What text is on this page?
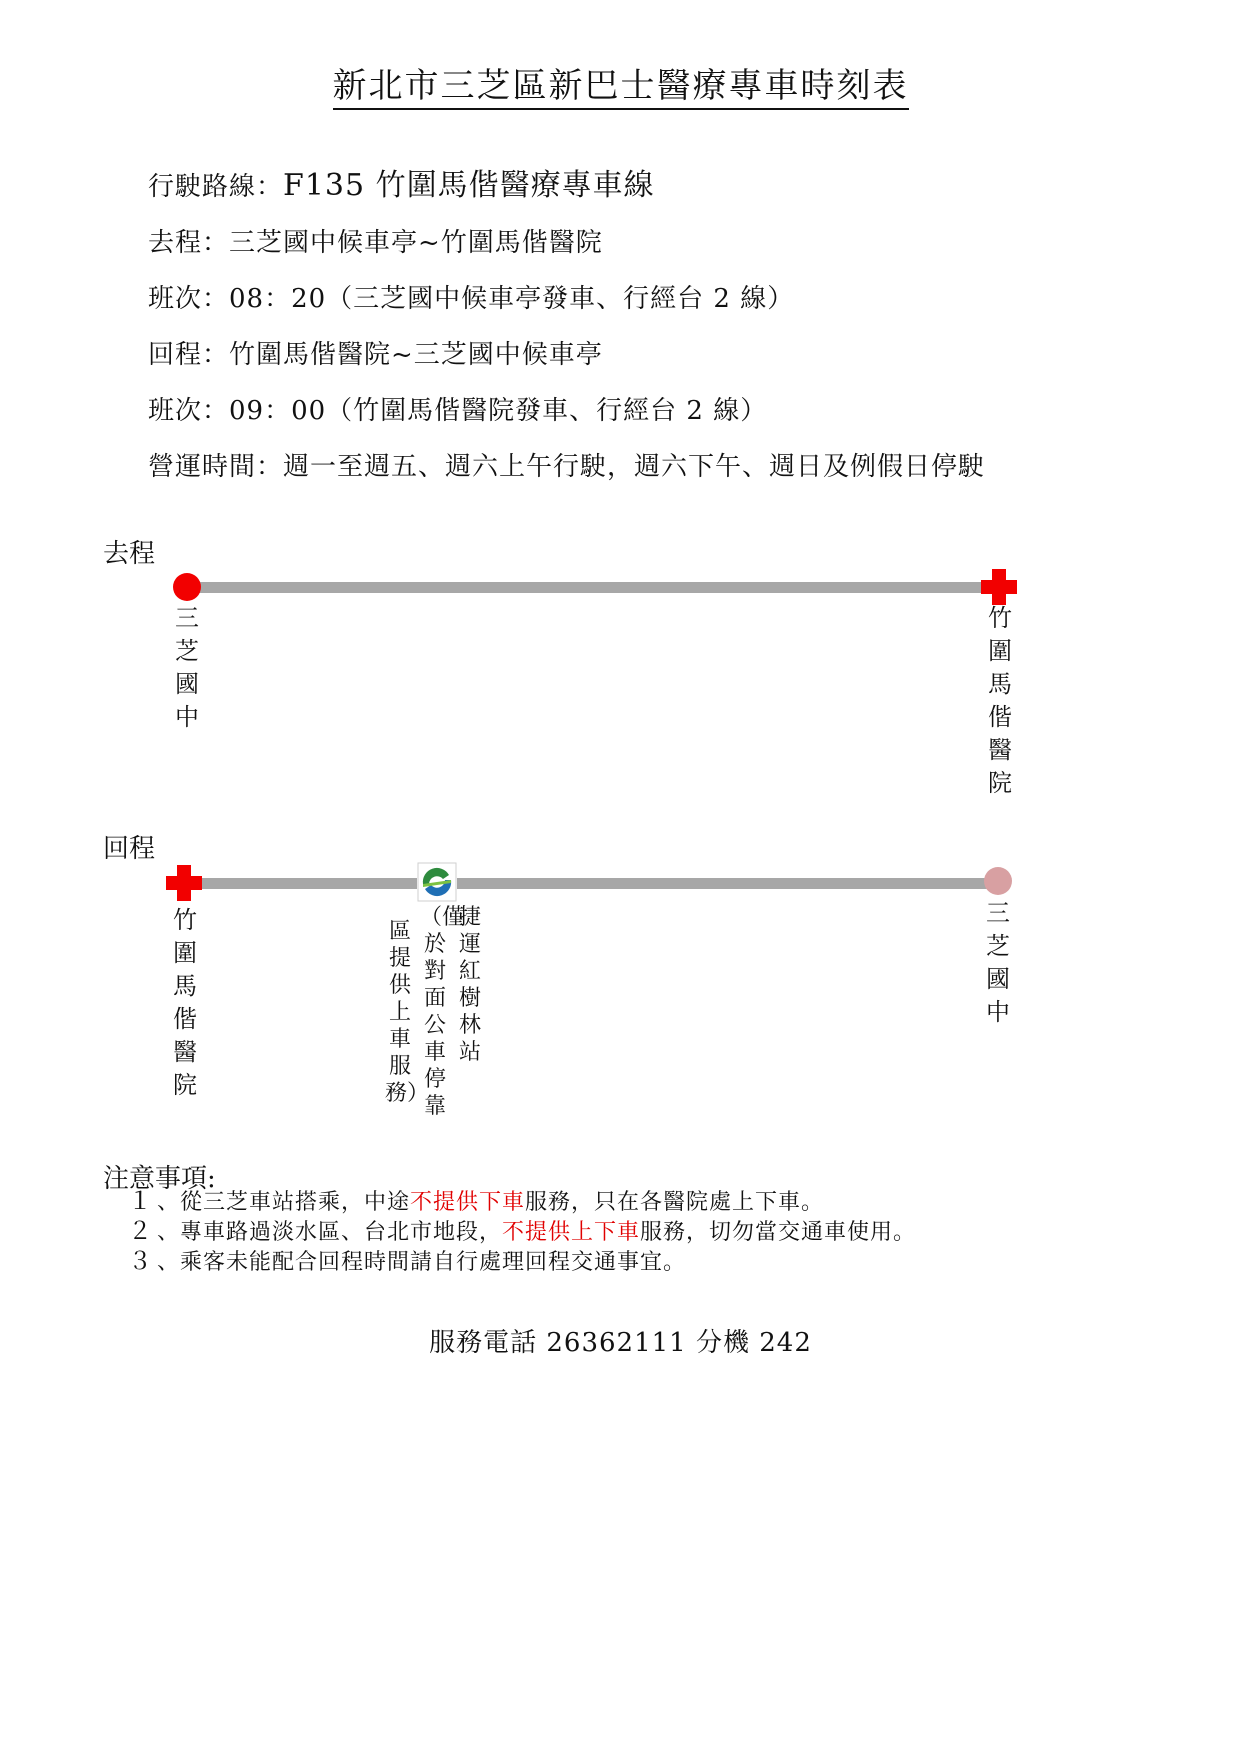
新北市三芝區新巴士醫療專車時刻表
行駛路線：F135 竹圍馬偕醫療專車線
去程：三芝國中候車亭~竹圍馬偕醫院
班次：08：20（三芝國中候車亭發車、行經台 2 線）
回程：竹圍馬偕醫院~三芝國中候車亭
班次：09：00（竹圍馬偕醫院發車、行經台 2 線）
營運時間：週一至週五、週六上午行駛，週六下午、週日及例假日停駛
去程
三芝國中
竹圍馬偕醫院
回程
竹圍馬偕醫院
捷運紅樹林站
（僅於對面公車停靠
區提供上車服務）
三芝國中
注意事項:
１ 、從三芝車站搭乘，中途不提供下車服務，只在各醫院處上下車。
２ 、專車路過淡水區、台北市地段，不提供上下車服務，切勿當交通車使用。
３ 、乘客未能配合回程時間請自行處理回程交通事宜。
服務電話 26362111 分機 242
